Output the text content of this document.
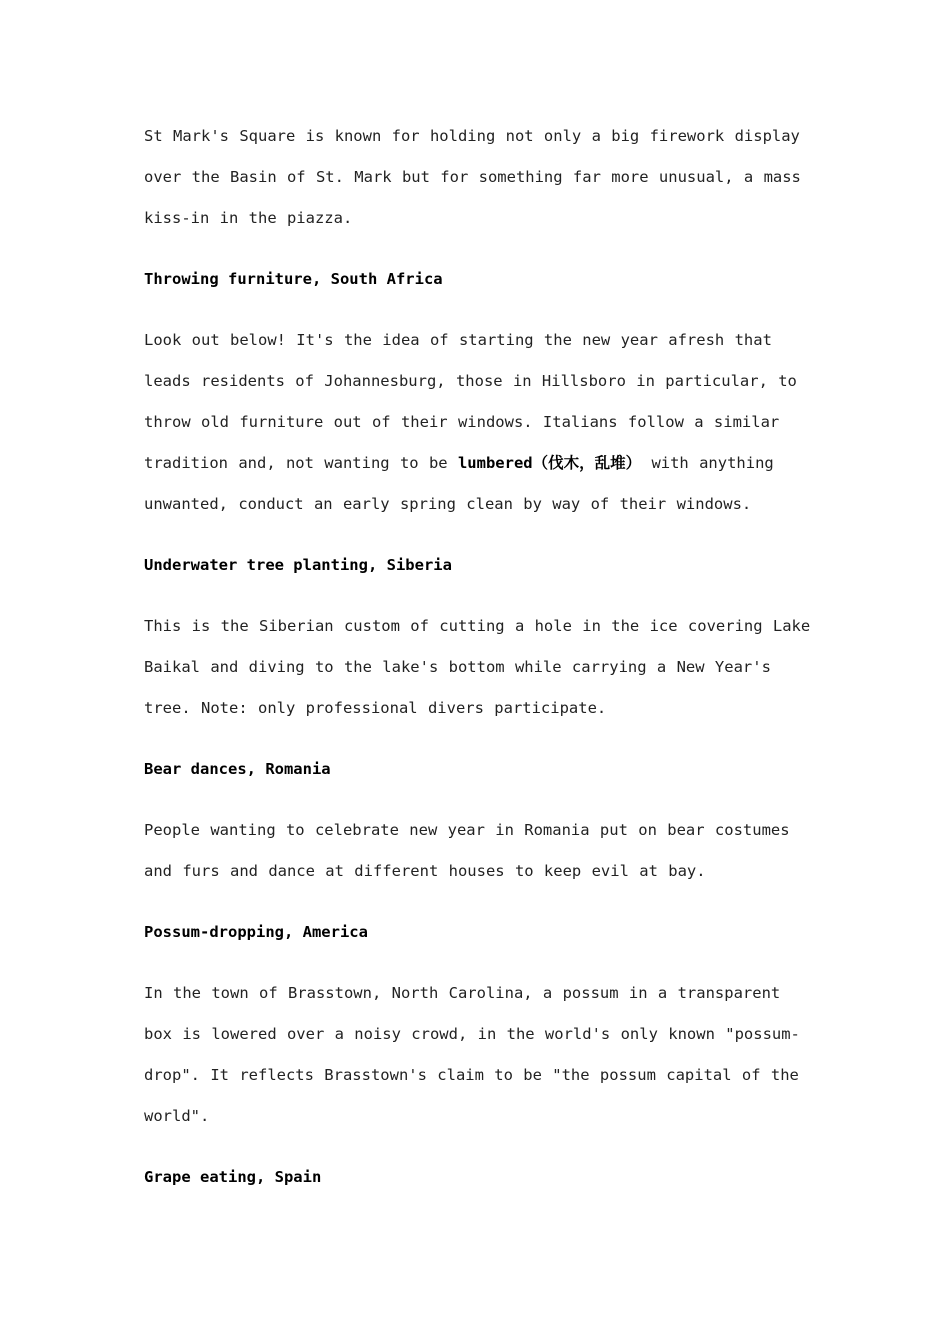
St Mark's Square is known for holding not only a big firework display over the Basin of St. Mark but for something far more unusual, a mass kiss-in in the piazza.

Throwing furniture, South Africa

Look out below! It's the idea of starting the new year afresh that leads residents of Johannesburg, those in Hillsboro in particular, to throw old furniture out of their windows. Italians follow a similar tradition and, not wanting to be lumbered（伐木，乱堆） with anything unwanted, conduct an early spring clean by way of their windows.

Underwater tree planting, Siberia

This is the Siberian custom of cutting a hole in the ice covering Lake Baikal and diving to the lake's bottom while carrying a New Year's tree. Note: only professional divers participate.

Bear dances, Romania

People wanting to celebrate new year in Romania put on bear costumes and furs and dance at different houses to keep evil at bay.

Possum-dropping, America

In the town of Brasstown, North Carolina, a possum in a transparent box is lowered over a noisy crowd, in the world's only known "possum-drop". It reflects Brasstown's claim to be "the possum capital of the world".

Grape eating, Spain
